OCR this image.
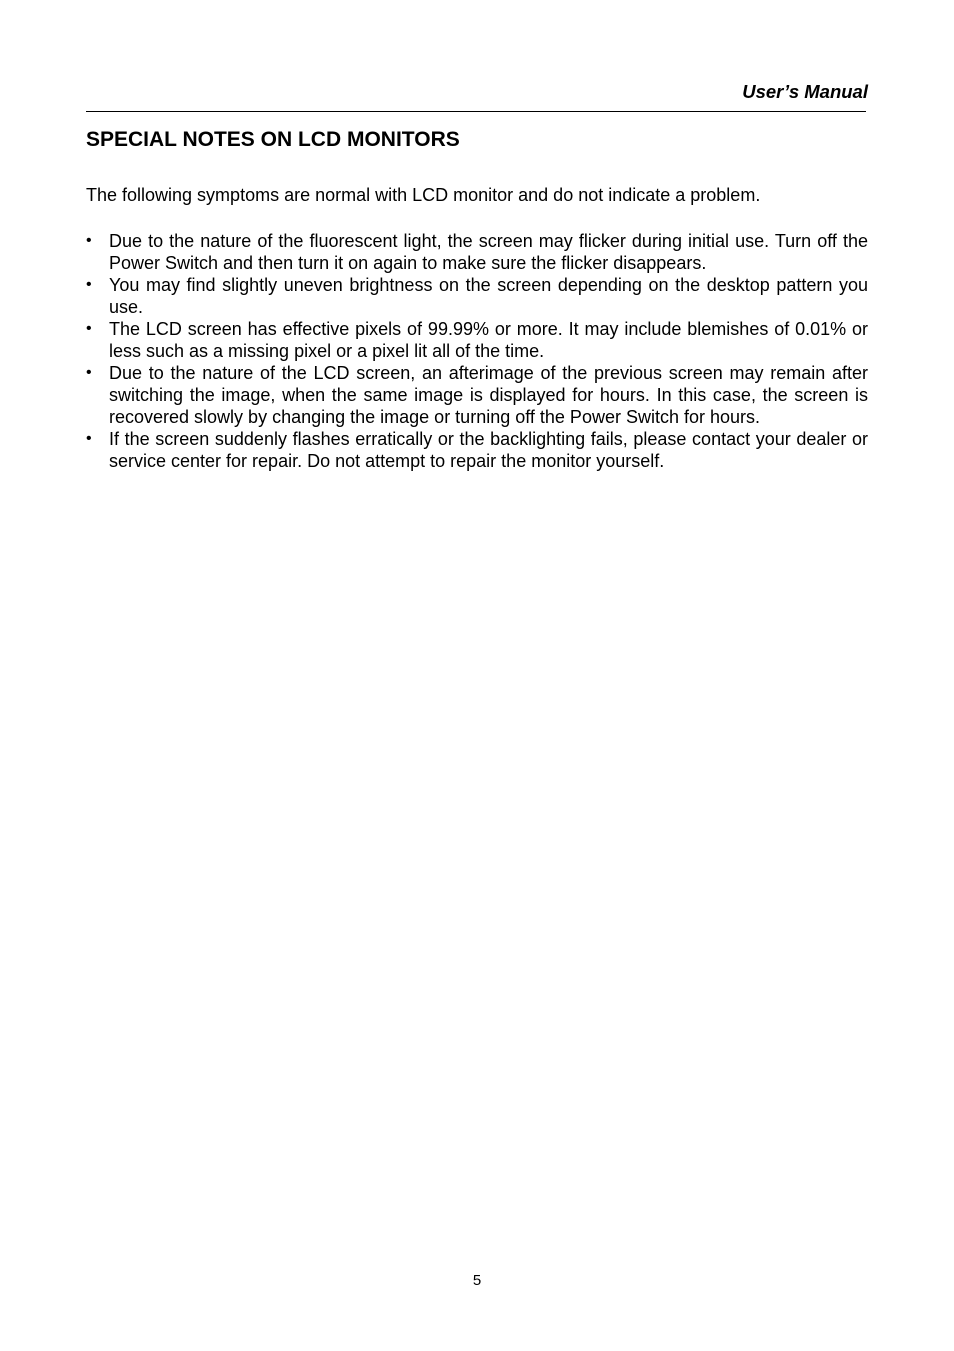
User’s Manual
SPECIAL NOTES ON LCD MONITORS

The following symptoms are normal with LCD monitor and do not indicate a problem.

• Due to the nature of the fluorescent light, the screen may flicker during initial use. Turn off the Power Switch and then turn it on again to make sure the flicker disappears.
• You may find slightly uneven brightness on the screen depending on the desktop pattern you use.
• The LCD screen has effective pixels of 99.99% or more. It may include blemishes of 0.01% or less such as a missing pixel or a pixel lit all of the time.
• Due to the nature of the LCD screen, an afterimage of the previous screen may remain after switching the image, when the same image is displayed for hours. In this case, the screen is recovered slowly by changing the image or turning off the Power Switch for hours.
• If the screen suddenly flashes erratically or the backlighting fails, please contact your dealer or service center for repair. Do not attempt to repair the monitor yourself.
5
